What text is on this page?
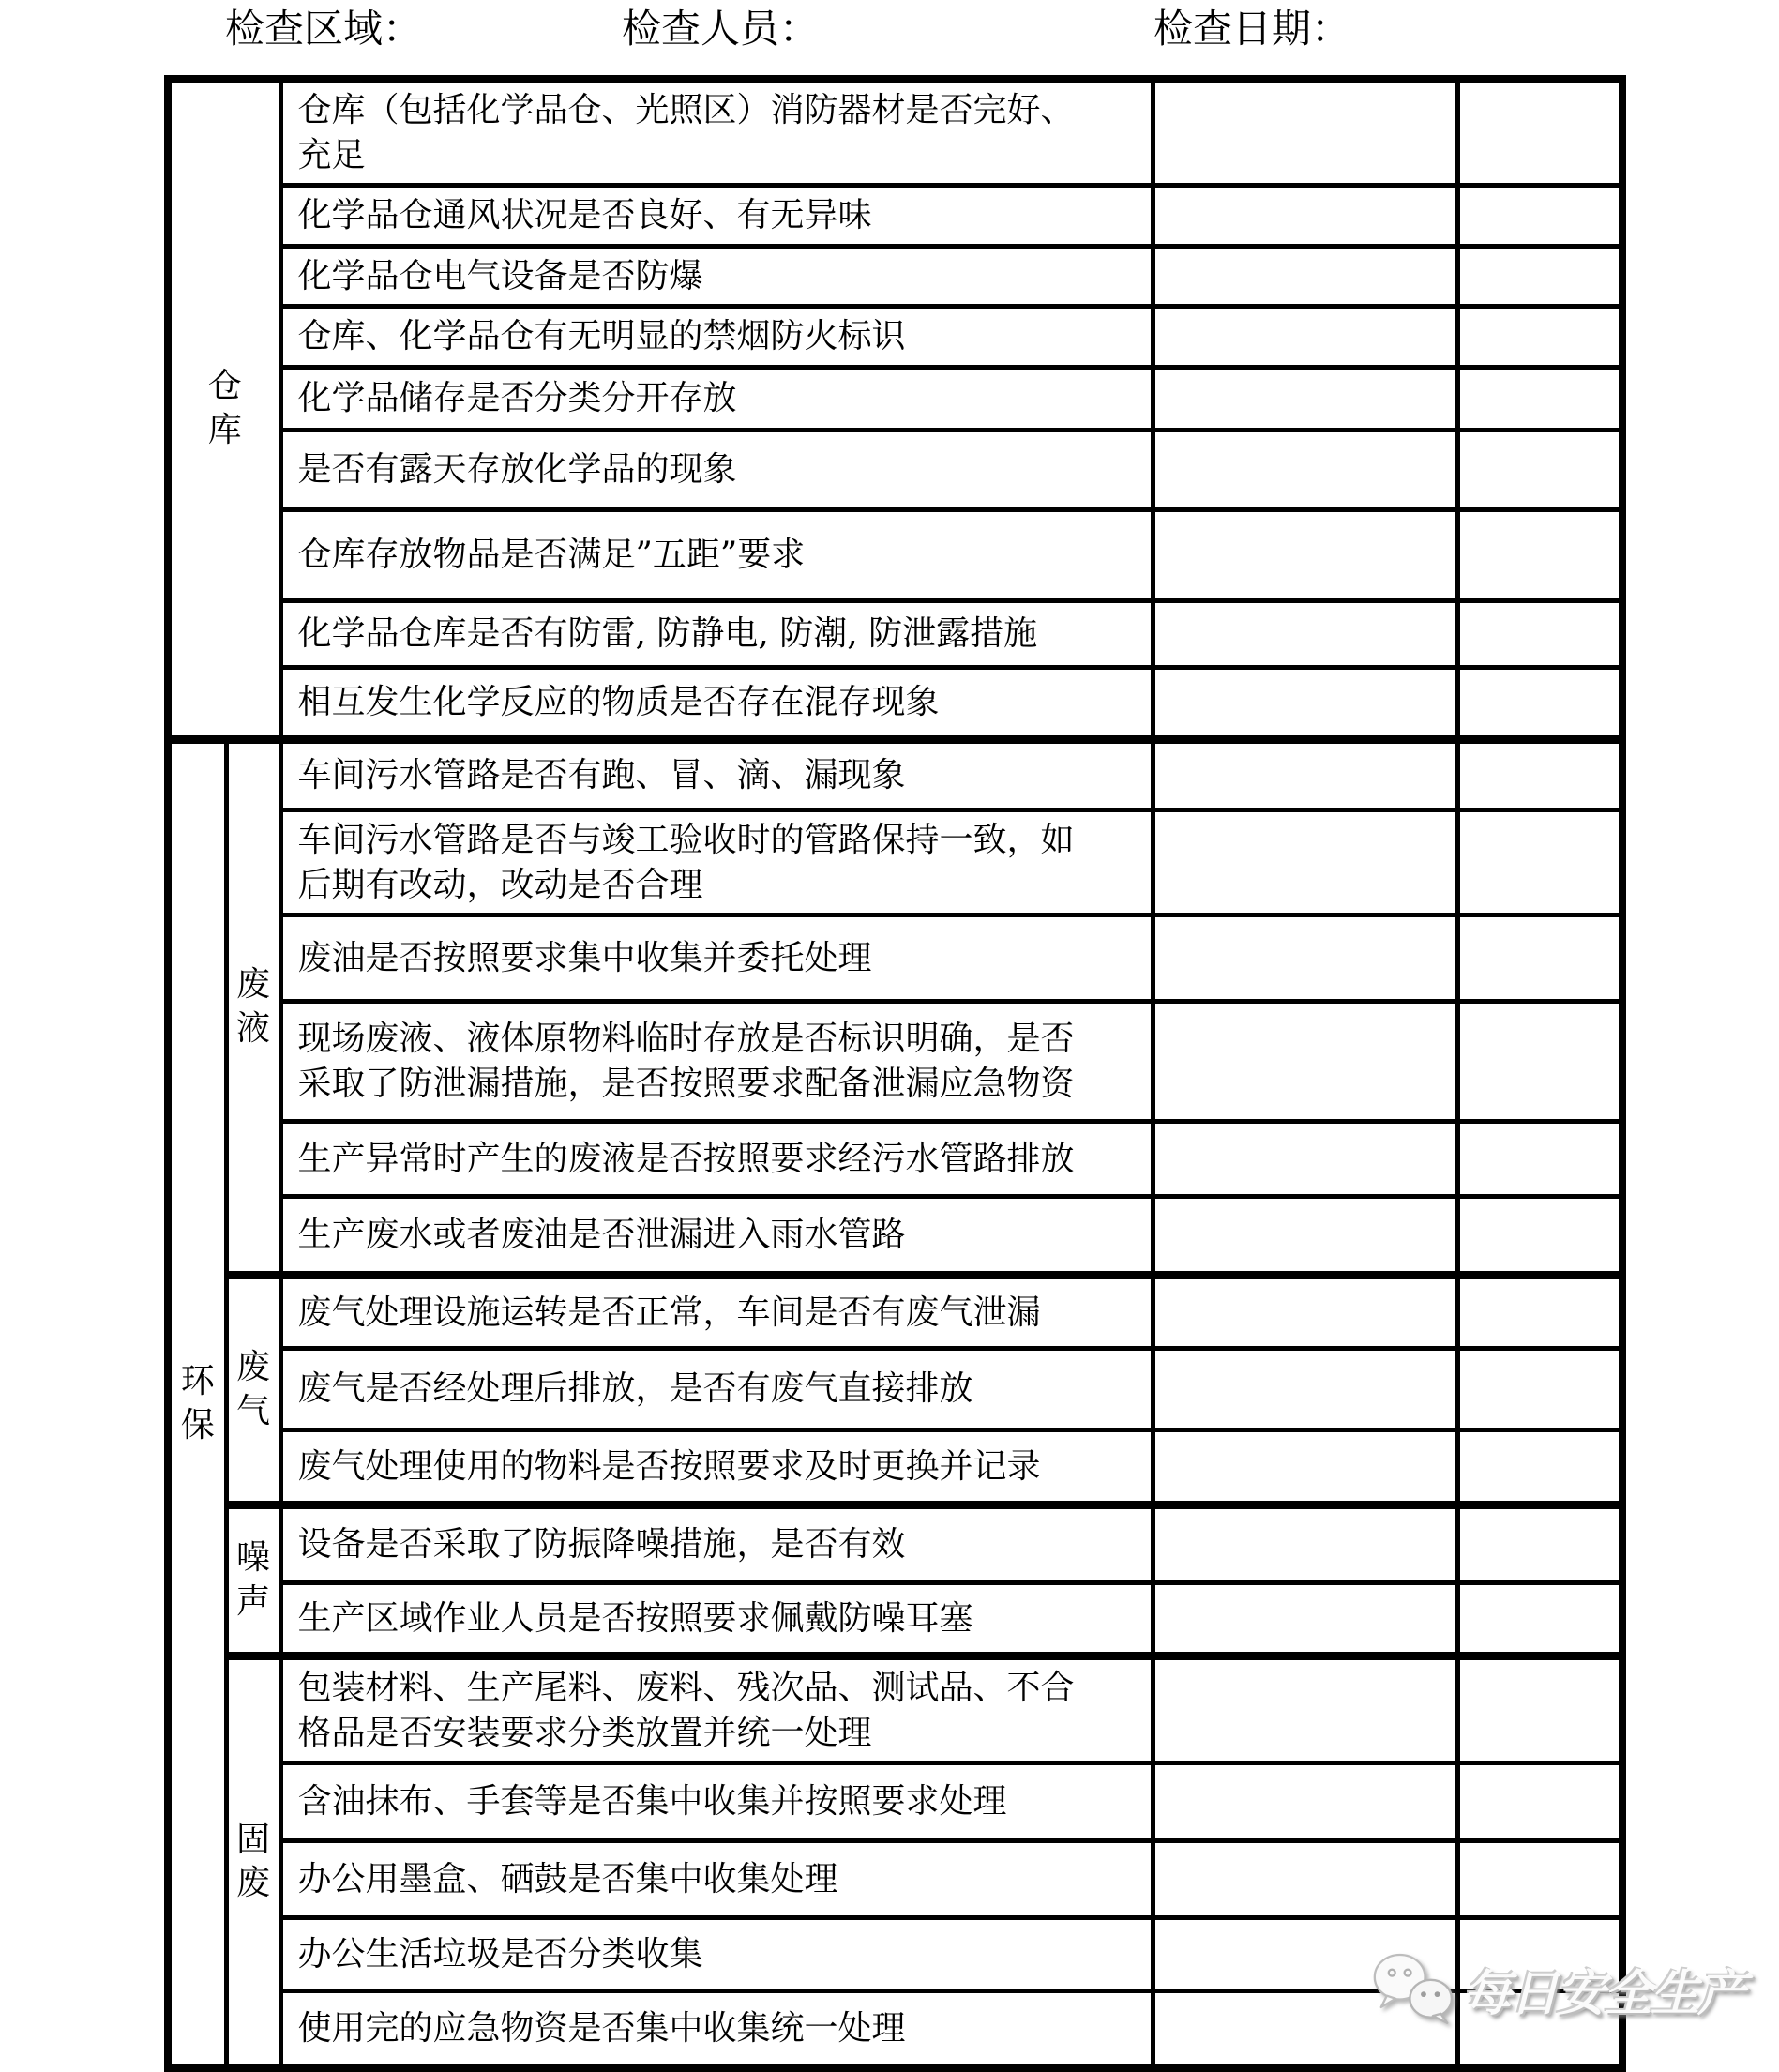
检查区域：	检查人员：	检查日期：
仓库		仓库（包括化学品仓、光照区）消防器材是否完好、充足		
		化学品仓通风状况是否良好、有无异味		
		化学品仓电气设备是否防爆		
		仓库、化学品仓有无明显的禁烟防火标识		
		化学品储存是否分类分开存放		
		是否有露天存放化学品的现象		
		仓库存放物品是否满足”五距”要求		
		化学品仓库是否有防雷, 防静电, 防潮, 防泄露措施		
		相互发生化学反应的物质是否存在混存现象		

环保	废液	车间污水管路是否有跑、冒、滴、漏现象		
		车间污水管路是否与竣工验收时的管路保持一致，如后期有改动，改动是否合理		
		废油是否按照要求集中收集并委托处理		
		现场废液、液体原物料临时存放是否标识明确，是否采取了防泄漏措施，是否按照要求配备泄漏应急物资		
		生产异常时产生的废液是否按照要求经污水管路排放		
		生产废水或者废油是否泄漏进入雨水管路		

	废气	废气处理设施运转是否正常，车间是否有废气泄漏		
		废气是否经处理后排放，是否有废气直接排放		
		废气处理使用的物料是否按照要求及时更换并记录		

	噪声	设备是否采取了防振降噪措施，是否有效		
		生产区域作业人员是否按照要求佩戴防噪耳塞		

	固废	包装材料、生产尾料、废料、残次品、测试品、不合格品是否安装要求分类放置并统一处理		
		含油抹布、手套等是否集中收集并按照要求处理		
		办公用墨盒、硒鼓是否集中收集处理		
		办公生活垃圾是否分类收集		
		使用完的应急物资是否集中收集统一处理		
每日安全生产
